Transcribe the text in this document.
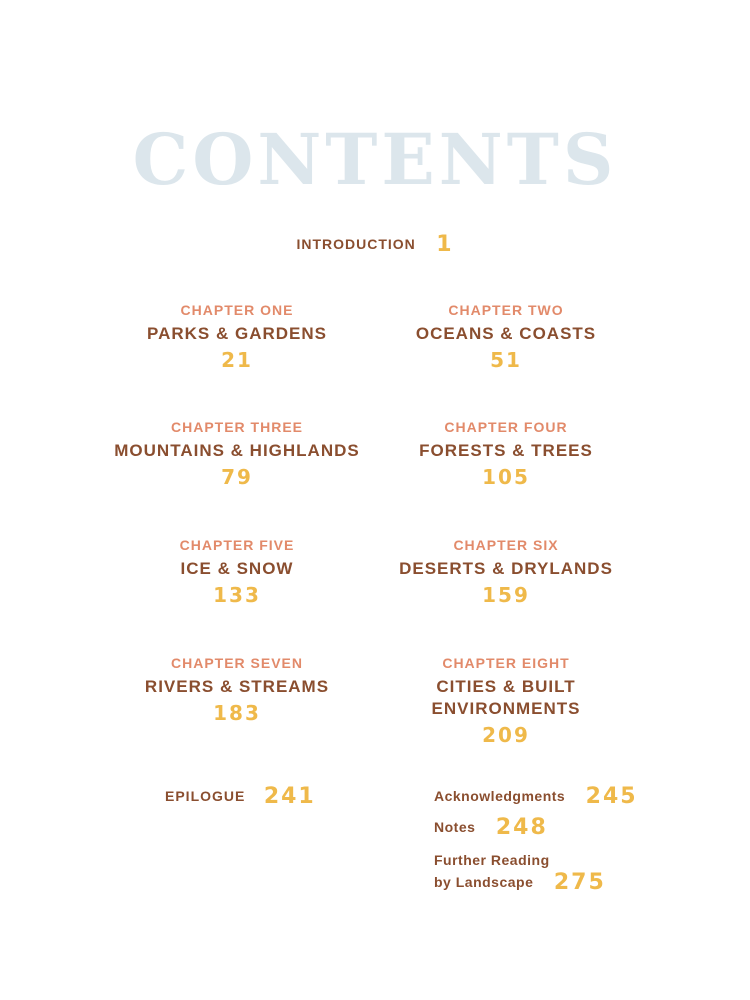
CONTENTS
INTRODUCTION 1
CHAPTER ONE
PARKS & GARDENS
21
CHAPTER TWO
OCEANS & COASTS
51
CHAPTER THREE
MOUNTAINS & HIGHLANDS
79
CHAPTER FOUR
FORESTS & TREES
105
CHAPTER FIVE
ICE & SNOW
133
CHAPTER SIX
DESERTS & DRYLANDS
159
CHAPTER SEVEN
RIVERS & STREAMS
183
CHAPTER EIGHT
CITIES & BUILT
ENVIRONMENTS
209
EPILOGUE 241	Acknowledgments 245
Notes 248
Further Reading
by Landscape 275
